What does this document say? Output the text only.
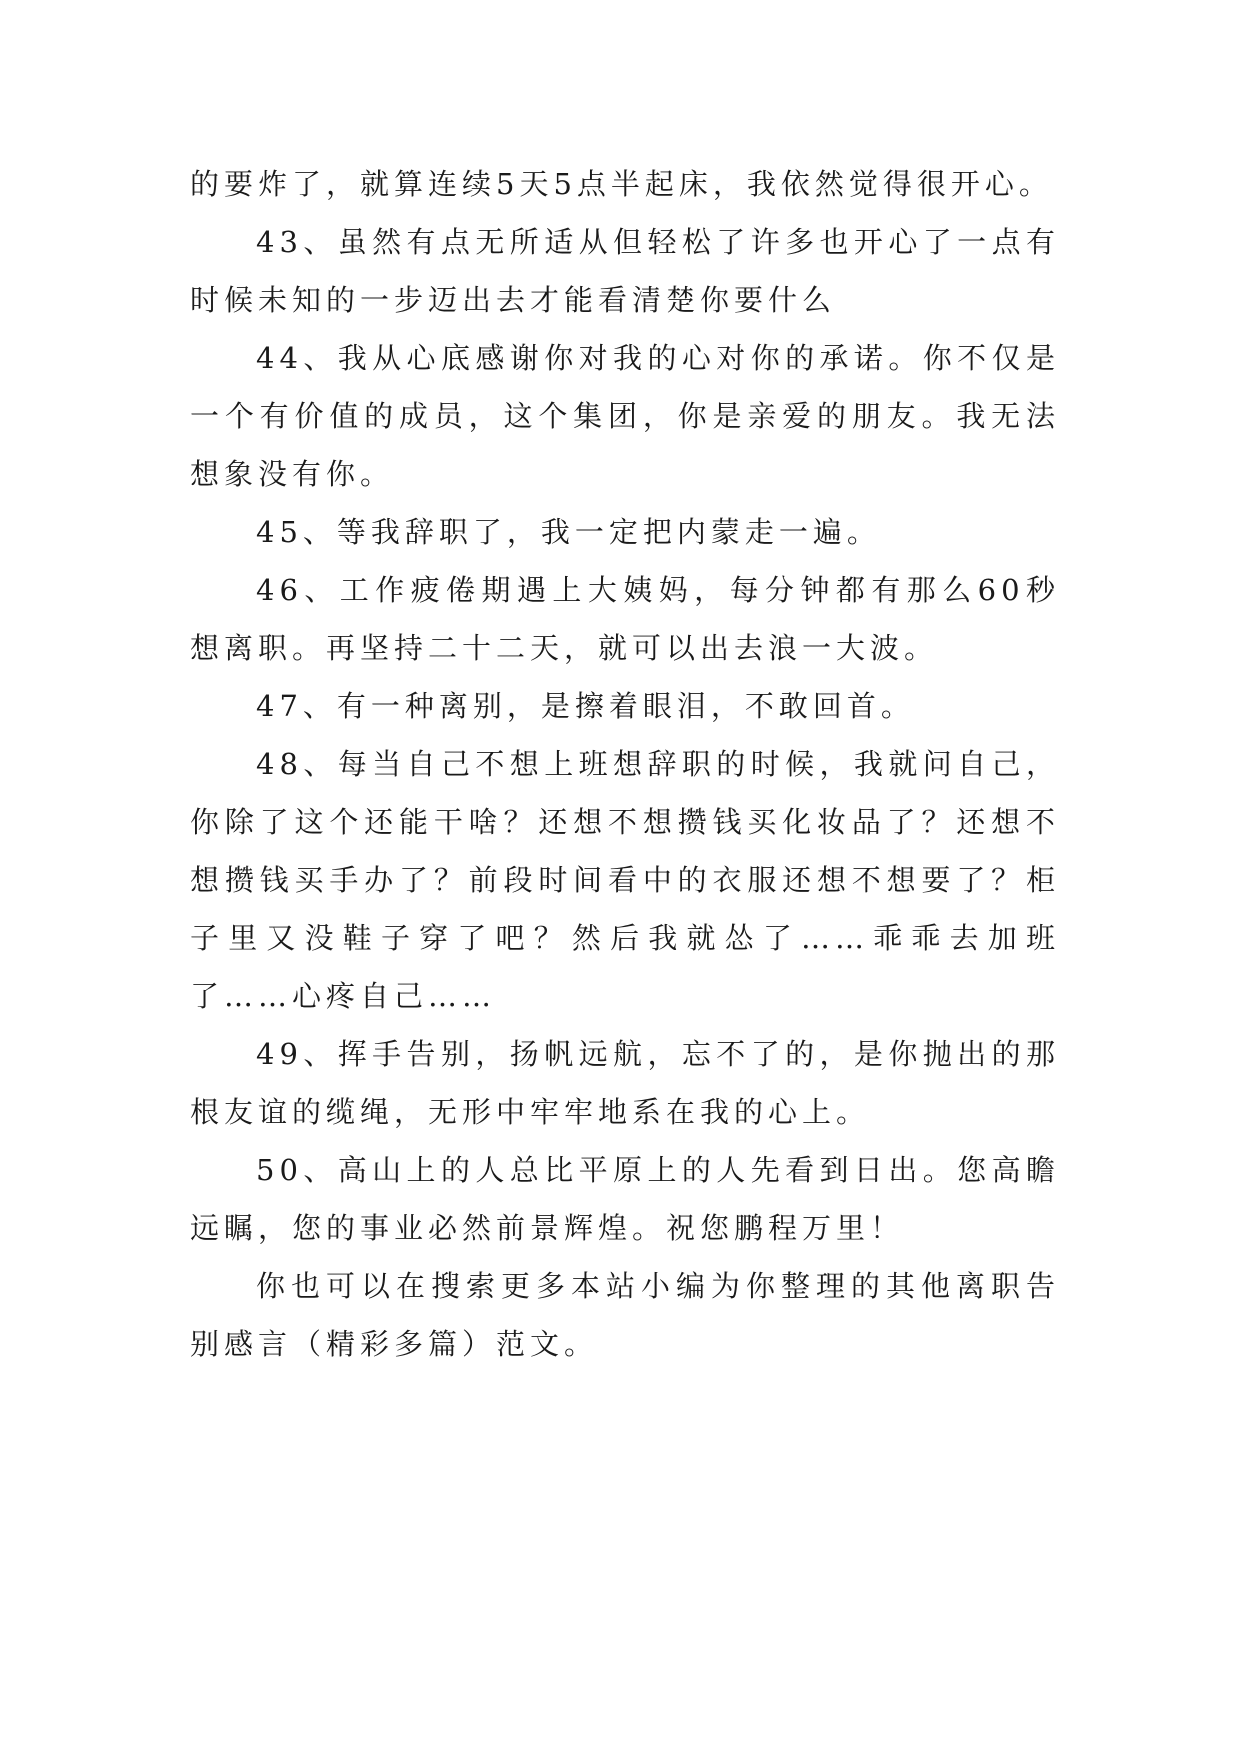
的要炸了，就算连续5天5点半起床，我依然觉得很开心。

43、虽然有点无所适从但轻松了许多也开心了一点有时候未知的一步迈出去才能看清楚你要什么

44、我从心底感谢你对我的心对你的承诺。你不仅是一个有价值的成员，这个集团，你是亲爱的朋友。我无法想象没有你。

45、等我辞职了，我一定把内蒙走一遍。

46、工作疲倦期遇上大姨妈，每分钟都有那么60秒想离职。再坚持二十二天，就可以出去浪一大波。

47、有一种离别，是擦着眼泪，不敢回首。

48、每当自己不想上班想辞职的时候，我就问自己，你除了这个还能干啥？还想不想攒钱买化妆品了？还想不想攒钱买手办了？前段时间看中的衣服还想不想要了？柜子里又没鞋子穿了吧？然后我就怂了……乖乖去加班了……心疼自己……

49、挥手告别，扬帆远航，忘不了的，是你抛出的那根友谊的缆绳，无形中牢牢地系在我的心上。

50、高山上的人总比平原上的人先看到日出。您高瞻远瞩，您的事业必然前景辉煌。祝您鹏程万里！

你也可以在搜索更多本站小编为你整理的其他离职告别感言（精彩多篇）范文。
